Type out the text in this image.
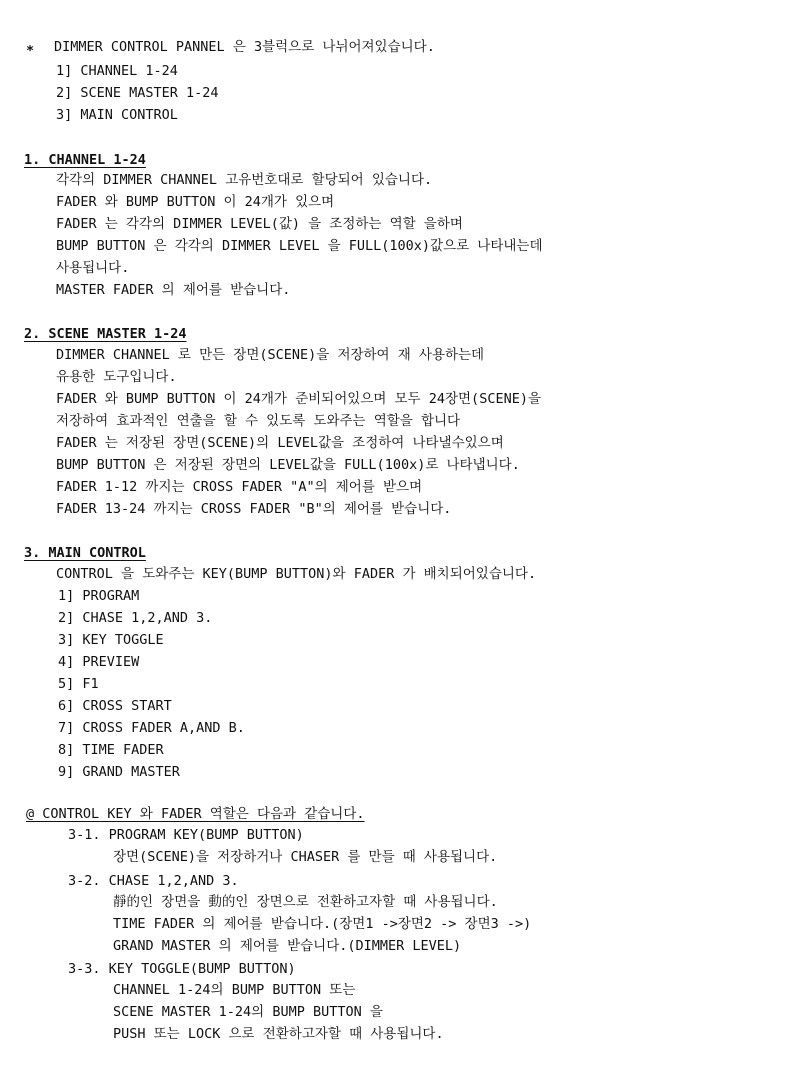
* DIMMER CONTROL PANNEL 은 3블럭으로 나뉘어져있습니다.
1] CHANNEL 1-24
2] SCENE MASTER 1-24
3] MAIN CONTROL
1. CHANNEL 1-24
각각의 DIMMER CHANNEL 고유번호대로 할당되어 있습니다.
FADER 와 BUMP BUTTON 이 24개가 있으며
FADER 는 각각의 DIMMER LEVEL(값) 을 조정하는 역할 을하며
BUMP BUTTON 은 각각의 DIMMER LEVEL 을 FULL(100x)값으로 나타내는데
사용됩니다.
MASTER FADER 의 제어를 받습니다.
2. SCENE MASTER 1-24
DIMMER CHANNEL 로 만든 장면(SCENE)을 저장하여 재 사용하는데
유용한 도구입니다.
FADER 와 BUMP BUTTON 이 24개가 준비되어있으며 모두 24장면(SCENE)을
저장하여 효과적인 연출을 할 수 있도록 도와주는 역할을 합니다
FADER 는 저장된 장면(SCENE)의 LEVEL값을 조정하여 나타낼수있으며
BUMP BUTTON 은 저장된 장면의 LEVEL값을 FULL(100x)로 나타냅니다.
FADER 1-12 까지는 CROSS FADER "A"의 제어를 받으며
FADER 13-24 까지는 CROSS FADER "B"의 제어를 받습니다.
3. MAIN CONTROL
CONTROL 을 도와주는 KEY(BUMP BUTTON)와 FADER 가 배치되어있습니다.
1] PROGRAM
2] CHASE 1,2,AND 3.
3] KEY TOGGLE
4] PREVIEW
5] F1
6] CROSS START
7] CROSS FADER A,AND B.
8] TIME FADER
9] GRAND MASTER
@ CONTROL KEY 와 FADER 역할은 다음과 같습니다.
3-1. PROGRAM KEY(BUMP BUTTON)
장면(SCENE)을 저장하거나 CHASER 를 만들 때 사용됩니다.
3-2. CHASE 1,2,AND 3.
靜的인 장면을 動的인 장면으로 전환하고자할 때 사용됩니다.
TIME FADER 의 제어를 받습니다.(장면1 ->장면2 -> 장면3 ->)
GRAND MASTER 의 제어를 받습니다.(DIMMER LEVEL)
3-3. KEY TOGGLE(BUMP BUTTON)
CHANNEL 1-24의 BUMP BUTTON 또는
SCENE MASTER 1-24의 BUMP BUTTON 을
PUSH 또는 LOCK 으로 전환하고자할 때 사용됩니다.
